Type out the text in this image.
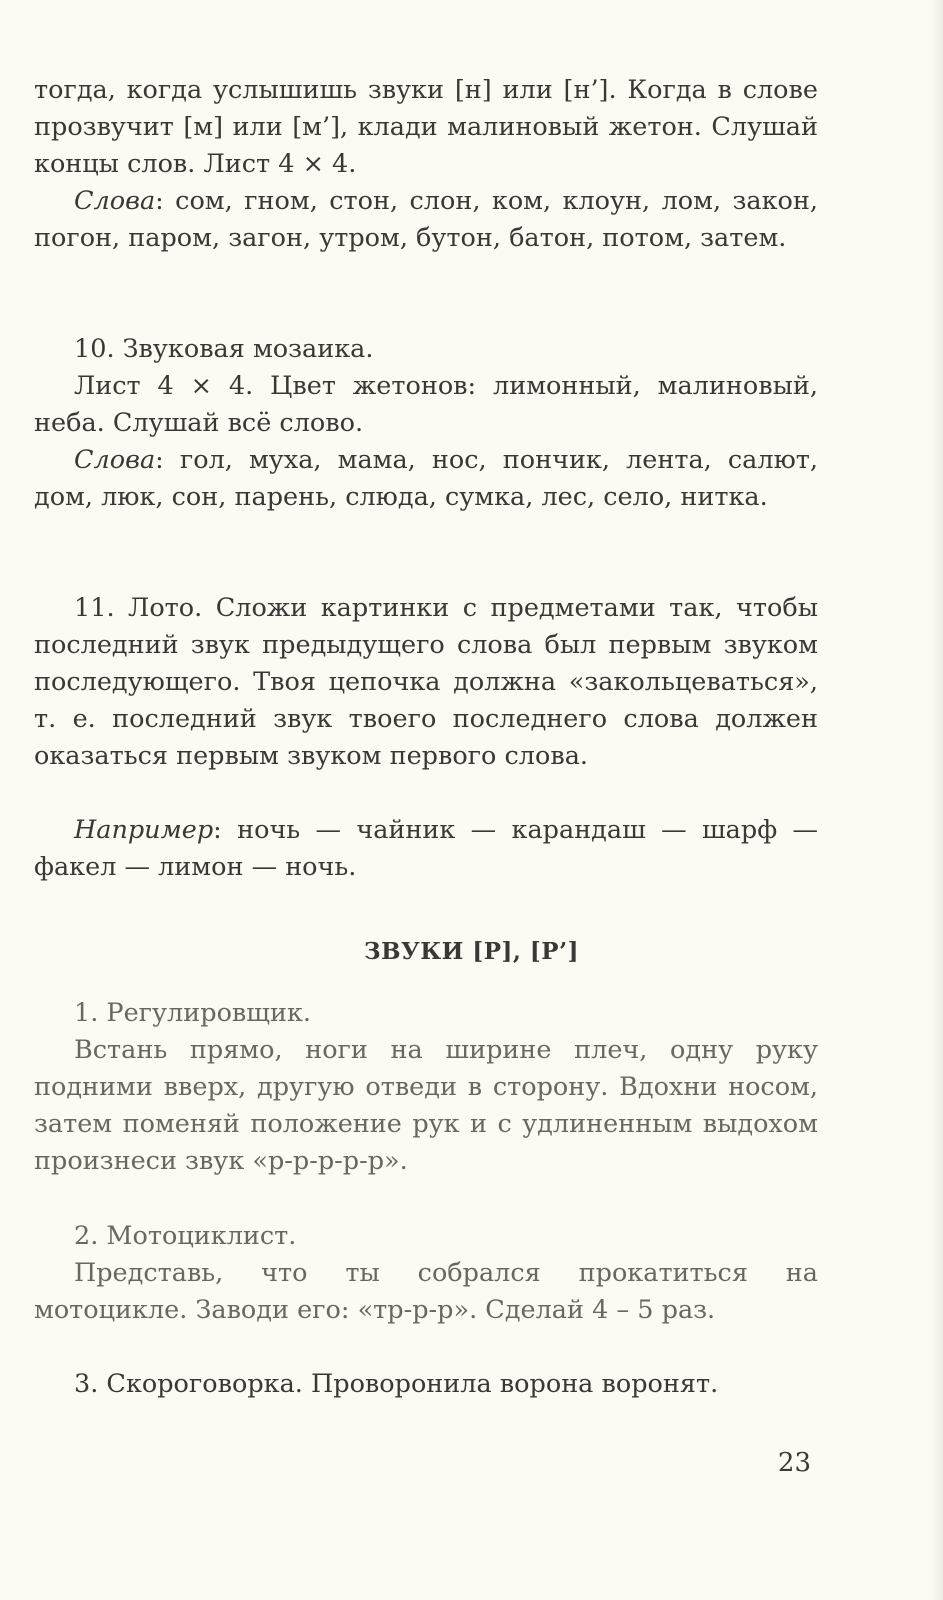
тогда, когда услышишь звуки [н] или [н’]. Когда в слове прозвучит [м] или [м’], клади малиновый жетон. Слушай концы слов. Лист 4 × 4.

Слова: сом, гном, стон, слон, ком, клоун, лом, закон, погон, паром, загон, утром, бутон, батон, потом, затем.

10. Звуковая мозаика.

Лист 4 × 4. Цвет жетонов: лимонный, малиновый, неба. Слушай всё слово.

Слова: гол, муха, мама, нос, пончик, лента, салют, дом, люк, сон, парень, слюда, сумка, лес, село, нитка.

11. Лото. Сложи картинки с предметами так, чтобы последний звук предыдущего слова был первым звуком последующего. Твоя цепочка должна «закольцеваться», т. е. последний звук твоего последнего слова должен оказаться первым звуком первого слова.

Например: ночь — чайник — карандаш — шарф — факел — лимон — ночь.

ЗВУКИ [Р], [Р’]

1. Регулировщик.

Встань прямо, ноги на ширине плеч, одну руку подними вверх, другую отведи в сторону. Вдохни носом, затем поменяй положение рук и с удлиненным выдохом произнеси звук «р-р-р-р-р».

2. Мотоциклист.

Представь, что ты собрался прокатиться на мотоцикле. Заводи его: «тр-р-р». Сделай 4 – 5 раз.

3. Скороговорка. Проворонила ворона воронят.

23
